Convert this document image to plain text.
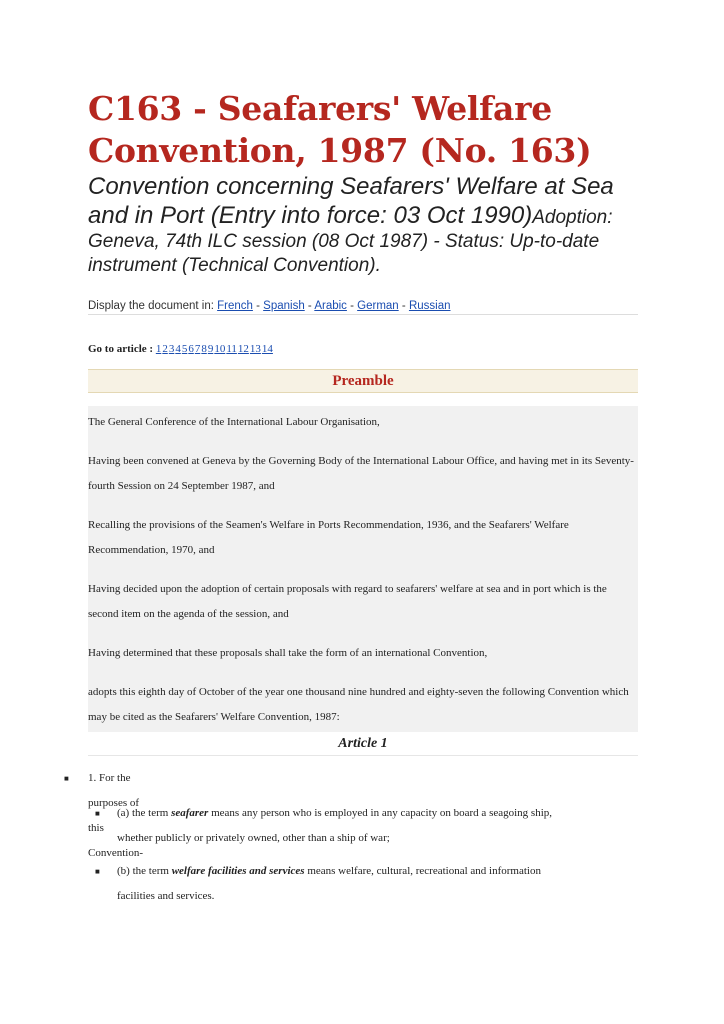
C163 - Seafarers' Welfare Convention, 1987 (No. 163)
Convention concerning Seafarers' Welfare at Sea and in Port (Entry into force: 03 Oct 1990)Adoption: Geneva, 74th ILC session (08 Oct 1987) - Status: Up-to-date instrument (Technical Convention).
Display the document in: French - Spanish - Arabic - German - Russian
Go to article : 1234567891011121314
Preamble

The General Conference of the International Labour Organisation,

Having been convened at Geneva by the Governing Body of the International Labour Office, and having met in its Seventy-fourth Session on 24 September 1987, and

Recalling the provisions of the Seamen's Welfare in Ports Recommendation, 1936, and the Seafarers' Welfare Recommendation, 1970, and

Having decided upon the adoption of certain proposals with regard to seafarers' welfare at sea and in port which is the second item on the agenda of the session, and

Having determined that these proposals shall take the form of an international Convention,

adopts this eighth day of October of the year one thousand nine hundred and eighty-seven the following Convention which may be cited as the Seafarers' Welfare Convention, 1987:

Article 1
■ 1. For the purposes of this Convention-
■ (a) the term seafarer means any person who is employed in any capacity on board a seagoing ship,
whether publicly or privately owned, other than a ship of war;
■ (b) the term welfare facilities and services means welfare, cultural, recreational and information
facilities and services.
